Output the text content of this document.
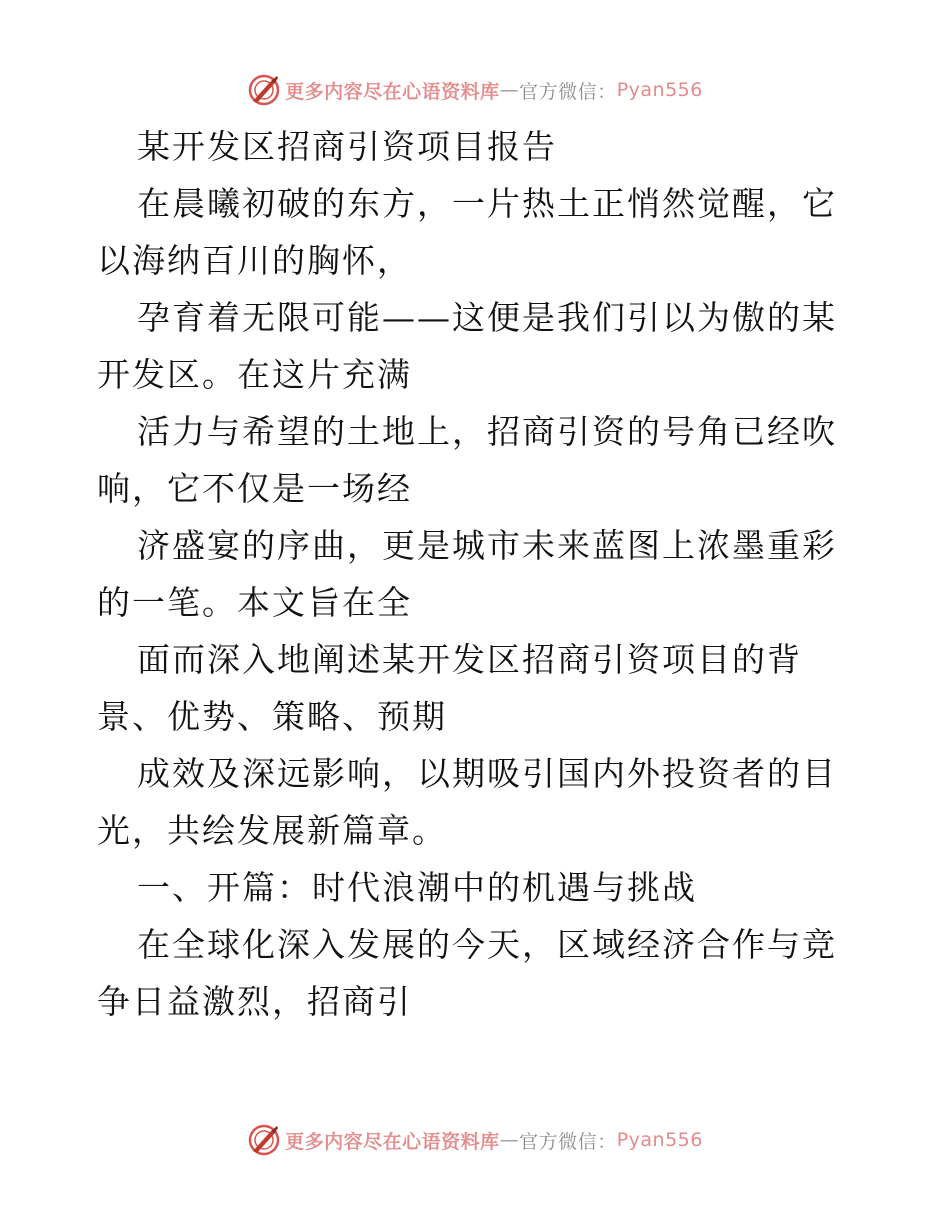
更多内容尽在心语资料库 — 官方微信： Pyan556

某开发区招商引资项目报告

在晨曦初破的东方，一片热土正悄然觉醒，它以海纳百川的胸怀，

孕育着无限可能——这便是我们引以为傲的某开发区。在这片充满

活力与希望的土地上，招商引资的号角已经吹响，它不仅是一场经

济盛宴的序曲，更是城市未来蓝图上浓墨重彩的一笔。本文旨在全

面而深入地阐述某开发区招商引资项目的背景、优势、策略、预期

成效及深远影响，以期吸引国内外投资者的目光，共绘发展新篇章。

一、开篇：时代浪潮中的机遇与挑战

在全球化深入发展的今天，区域经济合作与竞争日益激烈，招商引

更多内容尽在心语资料库 — 官方微信： Pyan556
